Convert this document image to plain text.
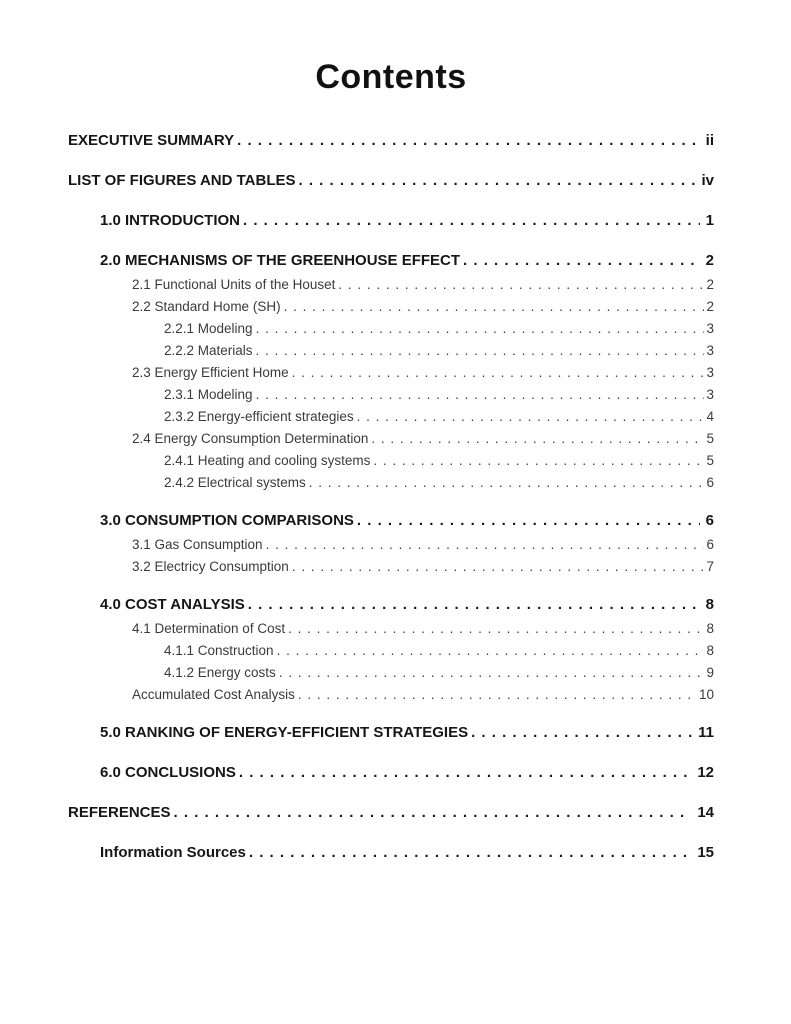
Contents
EXECUTIVE SUMMARY . . .	ii
LIST OF FIGURES AND TABLES . . .	iv
1.0 INTRODUCTION . . .	1
2.0 MECHANISMS OF THE GREENHOUSE EFFECT . . .	2
2.1 Functional Units of the Houset . . .	2
2.2 Standard Home (SH) . . .	2
2.2.1 Modeling . . .	3
2.2.2 Materials . . .	3
2.3 Energy Efficient Home . . .	3
2.3.1 Modeling . . .	3
2.3.2 Energy-efficient strategies . . .	4
2.4 Energy Consumption Determination . . .	5
2.4.1 Heating and cooling systems . . .	5
2.4.2 Electrical systems . . .	6
3.0 CONSUMPTION COMPARISONS . . .	6
3.1 Gas Consumption . . .	6
3.2 Electricy Consumption . . .	7
4.0 COST ANALYSIS . . .	8
4.1 Determination of Cost . . .	8
4.1.1 Construction . . .	8
4.1.2 Energy costs . . .	9
Accumulated Cost Analysis . . .	10
5.0 RANKING OF ENERGY-EFFICIENT STRATEGIES . . .	11
6.0 CONCLUSIONS . . .	12
REFERENCES . . .	14
Information Sources . . .	15
